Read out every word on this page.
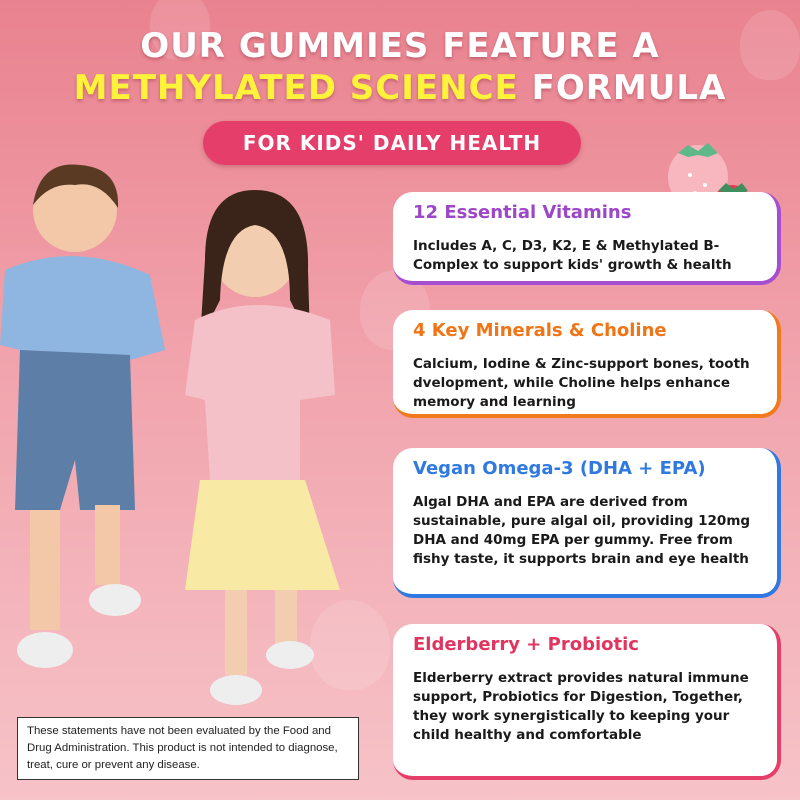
OUR GUMMIES FEATURE A
METHYLATED SCIENCE FORMULA
FOR KIDS' DAILY HEALTH
12 Essential Vitamins

Includes A, C, D3, K2, E & Methylated B-Complex to support kids' growth & health

4 Key Minerals & Choline

Calcium, Iodine & Zinc-support bones, tooth dvelopment, while Choline helps enhance memory and learning

Vegan Omega-3 (DHA + EPA)

Algal DHA and EPA are derived from sustainable, pure algal oil, providing 120mg DHA and 40mg EPA per gummy. Free from fishy taste, it supports brain and eye health

Elderberry + Probiotic

Elderberry extract provides natural immune support, Probiotics for Digestion, Together, they work synergistically to keeping your child healthy and comfortable

These statements have not been evaluated by the Food and Drug Administration. This product is not intended to diagnose, treat, cure or prevent any disease.
